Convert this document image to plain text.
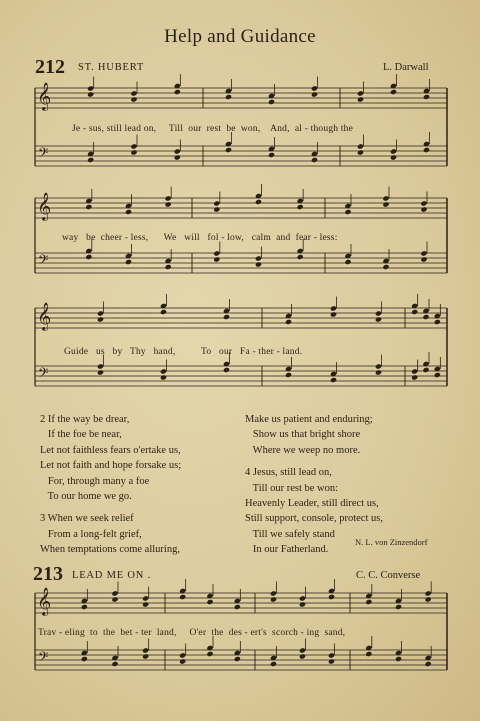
Help and Guidance
212 ST. HUBERT	L. Darwall
𝄞
𝄢
𝄞
𝄢
𝄞
𝄢
𝄞
𝄢
Je - sus, still lead on,     Till  our  rest  be  won,    And,  al - though the
way   be  cheer - less,      We   will   fol - low,   calm  and  fear - less:
Guide   us   by   Thy   hand,          To   our   Fa - ther - land.
2 If the way be drear,
If the foe be near,
Let not faithless fears o'ertake us,
Let not faith and hope forsake us;
For, through many a foe
To our home we go.
3 When we seek relief
From a long-felt grief,
When temptations come alluring,
Make us patient and enduring;
Show us that bright shore
Where we weep no more.
4 Jesus, still lead on,
Till our rest be won:
Heavenly Leader, still direct us,
Still support, console, protect us,
Till we safely stand
In our Fatherland.
N. L. von Zinzendorf
213 LEAD ME ON .	C. C. Converse
Trav - eling  to  the  bet - ter  land,     O'er  the  des - ert's  scorch - ing  sand,
